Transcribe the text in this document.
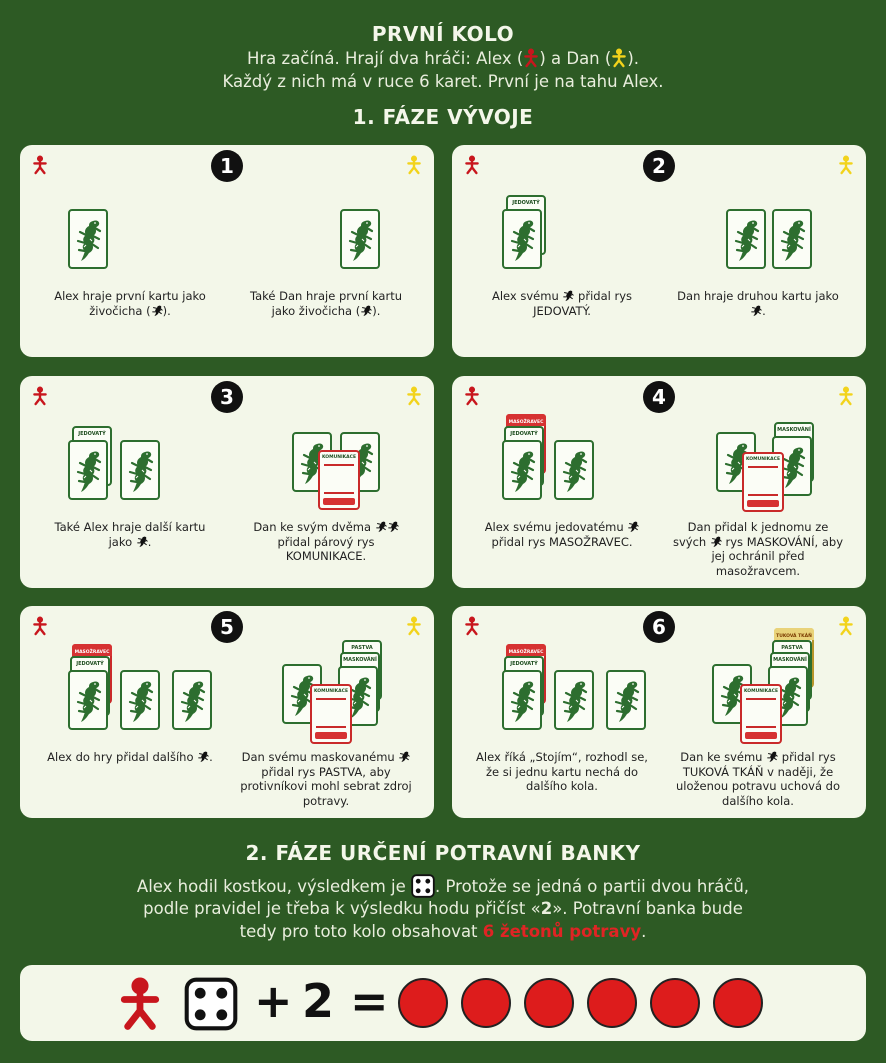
PRVNÍ KOLO
Hra začíná. Hrají dva hráči: Alex ( ) a Dan ( ).
Každý z nich má v ruce 6 karet. První je na tahu Alex.
1. FÁZE VÝVOJE
1
Alex hraje první kartu jako živočicha ( ).
Také Dan hraje první kartu jako živočicha ( ).
2
JEDOVATÝ
Alex svému  přidal rys JEDOVATÝ.
Dan hraje druhou kartu jako .
3
JEDOVATÝ
KOMUNIKACE
Také Alex hraje další kartu jako .
Dan ke svým dvěma  přidal párový rys KOMUNIKACE.
4
MASOŽRAVEC
JEDOVATÝ
MASKOVÁNÍ
KOMUNIKACE
Alex svému jedovatému  přidal rys MASOŽRAVEC.
Dan přidal k jednomu ze svých  rys MASKOVÁNÍ, aby jej ochránil před masožravcem.
5
MASOŽRAVEC
JEDOVATÝ
PASTVA
MASKOVÁNÍ
KOMUNIKACE
Alex do hry přidal dalšího .	Dan svému maskovanému  přidal rys PASTVA, aby protivníkovi mohl sebrat zdroj potravy.
6
MASOŽRAVEC
JEDOVATÝ
TUKOVÁ TKÁŇ
PASTVA
MASKOVÁNÍ
KOMUNIKACE
Alex říká „Stojím“, rozhodl se, že si jednu kartu nechá do dalšího kola.
Dan ke svému  přidal rys TUKOVÁ TKÁŇ v naději, že uloženou potravu uchová do dalšího kola.
2. FÁZE URČENÍ POTRAVNÍ BANKY
Alex hodil kostkou, výsledkem je . Protože se jedná o partii dvou hráčů,
podle pravidel je třeba k výsledku hodu přičíst «2». Potravní banka bude
tedy pro toto kolo obsahovat 6 žetonů potravy.
+ 2 =
